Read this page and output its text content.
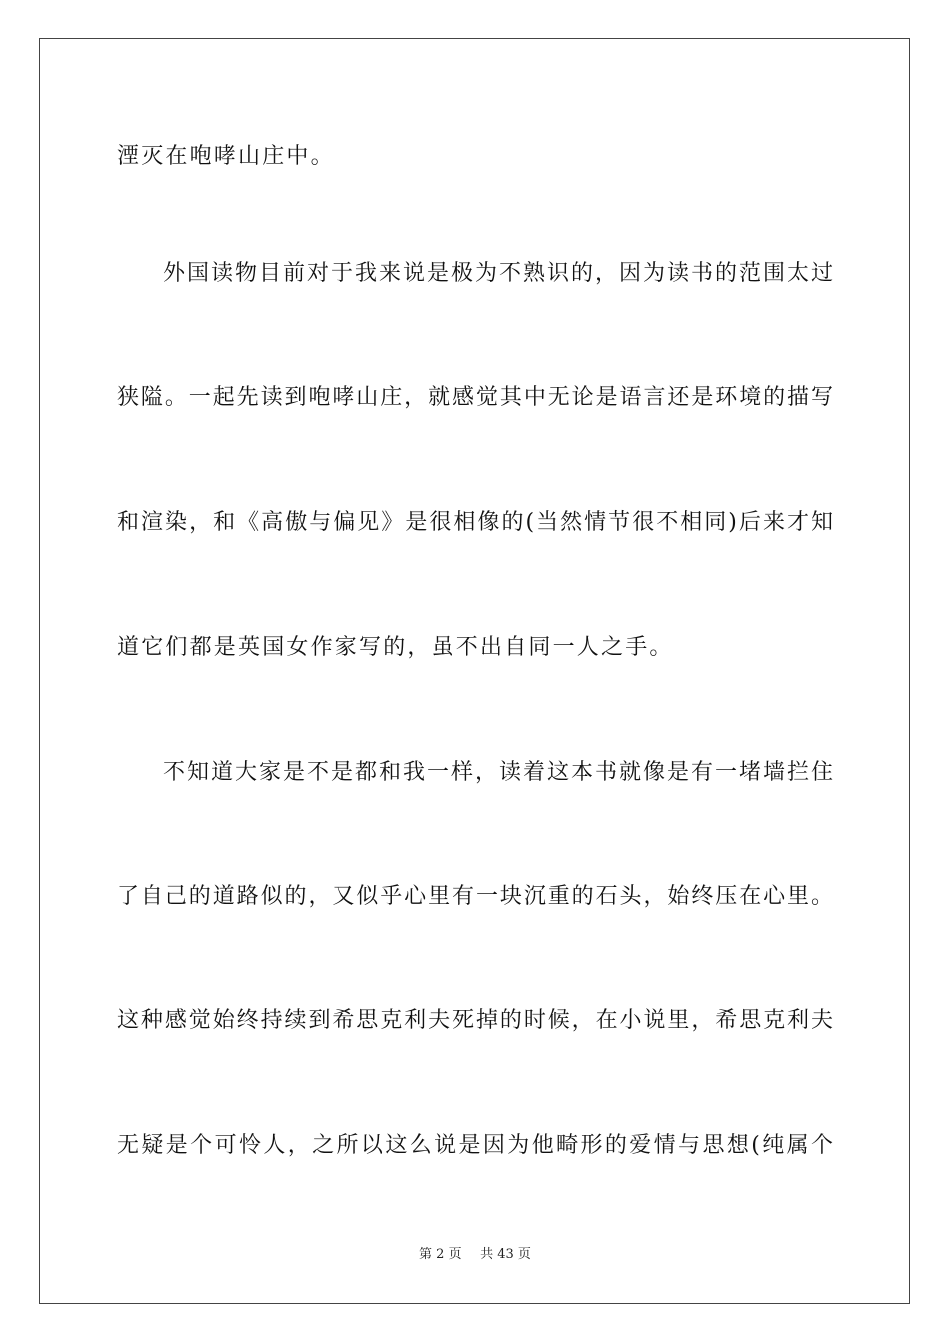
湮灭在咆哮山庄中。
外国读物目前对于我来说是极为不熟识的，因为读书的范围太过
狭隘。一起先读到咆哮山庄，就感觉其中无论是语言还是环境的描写
和渲染，和《高傲与偏见》是很相像的(当然情节很不相同)后来才知
道它们都是英国女作家写的，虽不出自同一人之手。
不知道大家是不是都和我一样，读着这本书就像是有一堵墙拦住
了自己的道路似的，又似乎心里有一块沉重的石头，始终压在心里。
这种感觉始终持续到希思克利夫死掉的时候，在小说里，希思克利夫
无疑是个可怜人，之所以这么说是因为他畸形的爱情与思想(纯属个
第 2 页 共 43 页
